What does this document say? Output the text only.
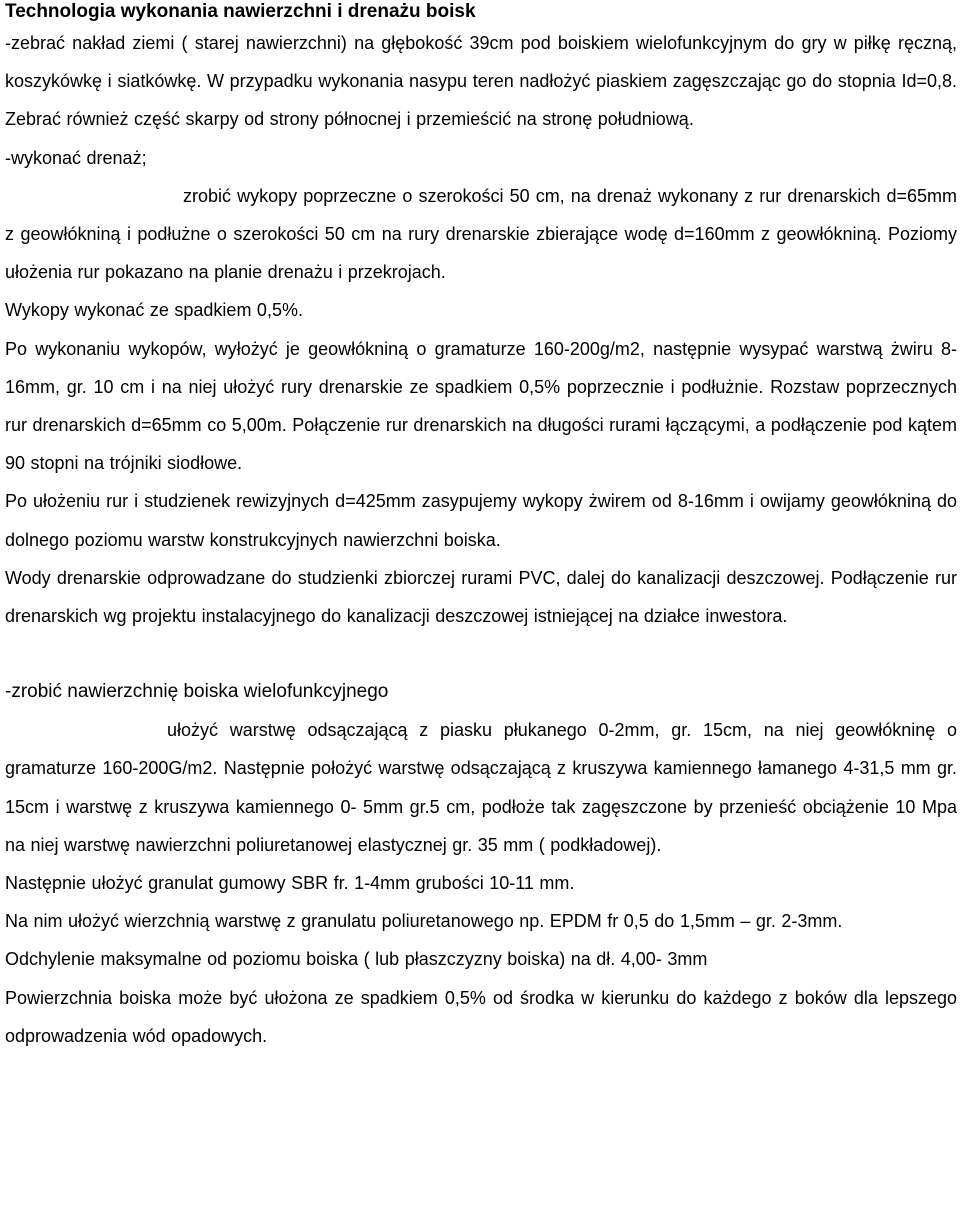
Technologia wykonania nawierzchni i drenażu boisk

-zebrać nakład ziemi ( starej nawierzchni) na głębokość 39cm pod boiskiem wielofunkcyjnym do gry w piłkę ręczną, koszykówkę i siatkówkę. W przypadku wykonania nasypu teren nadłożyć piaskiem zagęszczając go do stopnia Id=0,8. Zebrać również część skarpy od strony północnej i przemieścić na stronę południową.

-wykonać drenaż;

zrobić wykopy poprzeczne o szerokości 50 cm, na drenaż wykonany z rur drenarskich d=65mm z geowłókniną i podłużne o szerokości 50 cm na rury drenarskie zbierające wodę d=160mm z geowłókniną. Poziomy ułożenia rur pokazano na planie drenażu i przekrojach.

Wykopy wykonać ze spadkiem 0,5%.

Po wykonaniu wykopów, wyłożyć je geowłókniną o gramaturze 160-200g/m2, następnie wysypać warstwą żwiru 8-16mm, gr. 10 cm i na niej ułożyć rury drenarskie ze spadkiem 0,5% poprzecznie i podłużnie. Rozstaw poprzecznych rur drenarskich d=65mm co 5,00m. Połączenie rur drenarskich na długości rurami łączącymi, a podłączenie pod kątem 90 stopni na trójniki siodłowe.

Po ułożeniu rur i studzienek rewizyjnych d=425mm zasypujemy wykopy żwirem od 8-16mm i owijamy geowłókniną do dolnego poziomu warstw konstrukcyjnych nawierzchni boiska.

Wody drenarskie odprowadzane do studzienki zbiorczej rurami PVC, dalej do kanalizacji deszczowej. Podłączenie rur drenarskich wg projektu instalacyjnego do kanalizacji deszczowej istniejącej na działce inwestora.

-zrobić nawierzchnię boiska wielofunkcyjnego

ułożyć warstwę odsączającą z piasku płukanego 0-2mm, gr. 15cm, na niej geowłókninę o gramaturze 160-200G/m2. Następnie położyć warstwę odsączającą z kruszywa kamiennego łamanego 4-31,5 mm gr. 15cm i warstwę z kruszywa kamiennego 0- 5mm gr.5 cm, podłoże tak zagęszczone by przenieść obciążenie 10 Mpa na niej warstwę nawierzchni poliuretanowej elastycznej gr. 35 mm ( podkładowej).

Następnie ułożyć granulat gumowy SBR fr. 1-4mm grubości 10-11 mm.

Na nim ułożyć wierzchnią warstwę z granulatu poliuretanowego np. EPDM fr 0,5 do 1,5mm – gr. 2-3mm.

Odchylenie maksymalne od poziomu boiska ( lub płaszczyzny boiska) na dł. 4,00- 3mm

Powierzchnia boiska może być ułożona ze spadkiem 0,5% od środka w kierunku do każdego z boków dla lepszego odprowadzenia wód opadowych.
